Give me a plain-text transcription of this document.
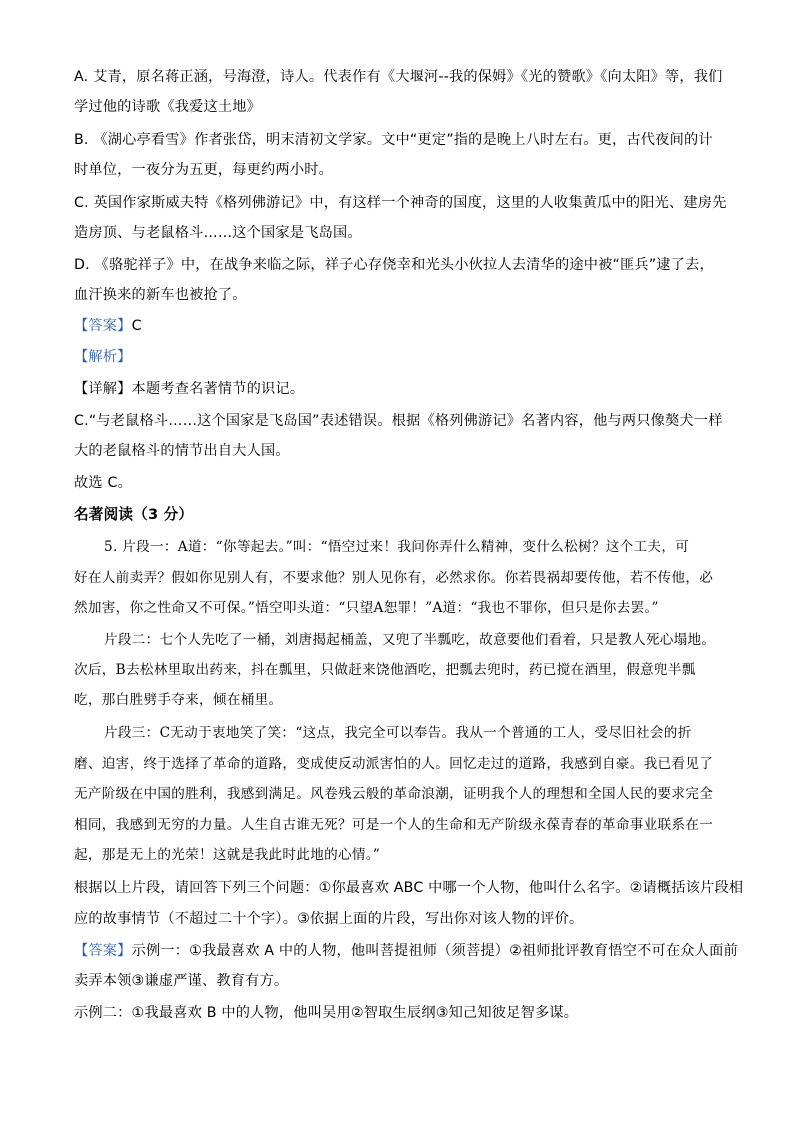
A. 艾青，原名蒋正涵，号海澄，诗人。代表作有《大堰河--我的保姆》《光的赞歌》《向太阳》等，我们
学过他的诗歌《我爱这土地》
B. 《湖心亭看雪》作者张岱，明末清初文学家。文中“更定”指的是晚上八时左右。更，古代夜间的计
时单位，一夜分为五更，每更约两小时。
C. 英国作家斯威夫特《格列佛游记》中，有这样一个神奇的国度，这里的人收集黄瓜中的阳光、建房先
造房顶、与老鼠格斗……这个国家是飞岛国。
D. 《骆驼祥子》中，在战争来临之际，祥子心存侥幸和光头小伙拉人去清华的途中被“匪兵”逮了去，
血汗换来的新车也被抢了。
【答案】C
【解析】
【详解】本题考查名著情节的识记。
C.“与老鼠格斗……这个国家是飞岛国”表述错误。根据《格列佛游记》名著内容，他与两只像獒犬一样
大的老鼠格斗的情节出自大人国。
故选 C。
名著阅读（3 分）
5. 片段一：A道：“你等起去。”叫：“悟空过来！我问你弄什么精神，变什么松树？这个工夫，可
好在人前卖弄？假如你见别人有，不要求他？别人见你有，必然求你。你若畏祸却要传他，若不传他，必
然加害，你之性命又不可保。”悟空叩头道：“只望A恕罪！”A道：“我也不罪你，但只是你去罢。”
片段二：七个人先吃了一桶，刘唐揭起桶盖，又兜了半瓢吃，故意要他们看着，只是教人死心塌地。
次后，B去松林里取出药来，抖在瓢里，只做赶来饶他酒吃，把瓢去兜时，药已搅在酒里，假意兜半瓢
吃，那白胜劈手夺来，倾在桶里。
片段三：C无动于衷地笑了笑：“这点，我完全可以奉告。我从一个普通的工人，受尽旧社会的折
磨、迫害，终于选择了革命的道路，变成使反动派害怕的人。回忆走过的道路，我感到自豪。我已看见了
无产阶级在中国的胜利，我感到满足。风卷残云般的革命浪潮，证明我个人的理想和全国人民的要求完全
相同，我感到无穷的力量。人生自古谁无死？可是一个人的生命和无产阶级永葆青春的革命事业联系在一
起，那是无上的光荣！这就是我此时此地的心情。”
根据以上片段，请回答下列三个问题：①你最喜欢 ABC 中哪一个人物，他叫什么名字。②请概括该片段相
应的故事情节（不超过二十个字）。③依据上面的片段，写出你对该人物的评价。
【答案】示例一：①我最喜欢 A 中的人物，他叫菩提祖师（须菩提）②祖师批评教育悟空不可在众人面前
卖弄本领③谦虚严谨、教育有方。
示例二：①我最喜欢 B 中的人物，他叫吴用②智取生辰纲③知己知彼足智多谋。
